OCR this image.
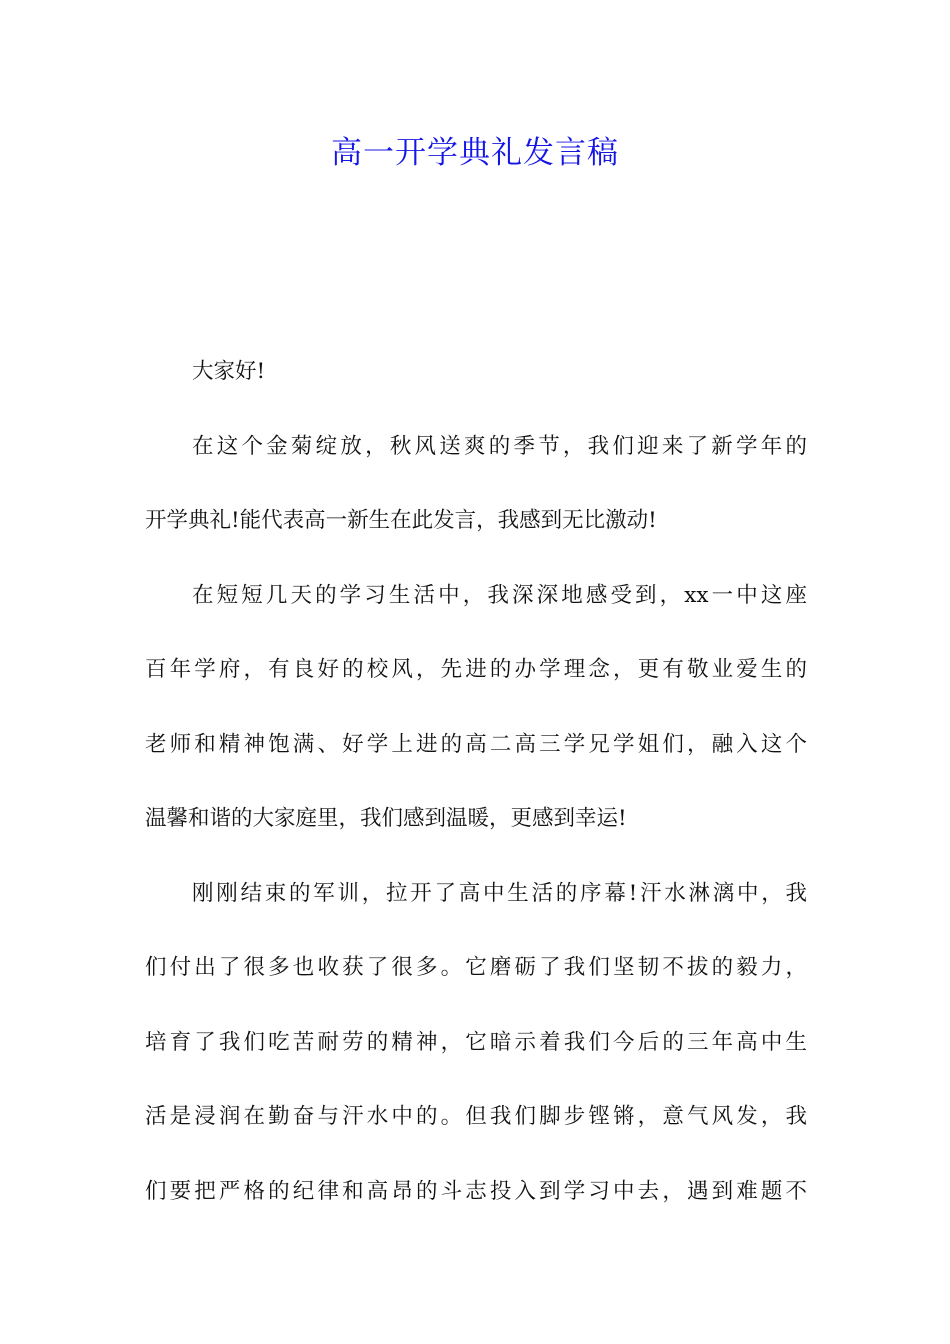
高一开学典礼发言稿
大家好!
在这个金菊绽放，秋风送爽的季节，我们迎来了新学年的
开学典礼!能代表高一新生在此发言，我感到无比激动!
在短短几天的学习生活中，我深深地感受到，xx一中这座
百年学府，有良好的校风，先进的办学理念，更有敬业爱生的
老师和精神饱满、好学上进的高二高三学兄学姐们，融入这个
温馨和谐的大家庭里，我们感到温暖，更感到幸运!
刚刚结束的军训，拉开了高中生活的序幕!汗水淋漓中，我
们付出了很多也收获了很多。它磨砺了我们坚韧不拔的毅力，
培育了我们吃苦耐劳的精神，它暗示着我们今后的三年高中生
活是浸润在勤奋与汗水中的。但我们脚步铿锵，意气风发，我
们要把严格的纪律和高昂的斗志投入到学习中去，遇到难题不
